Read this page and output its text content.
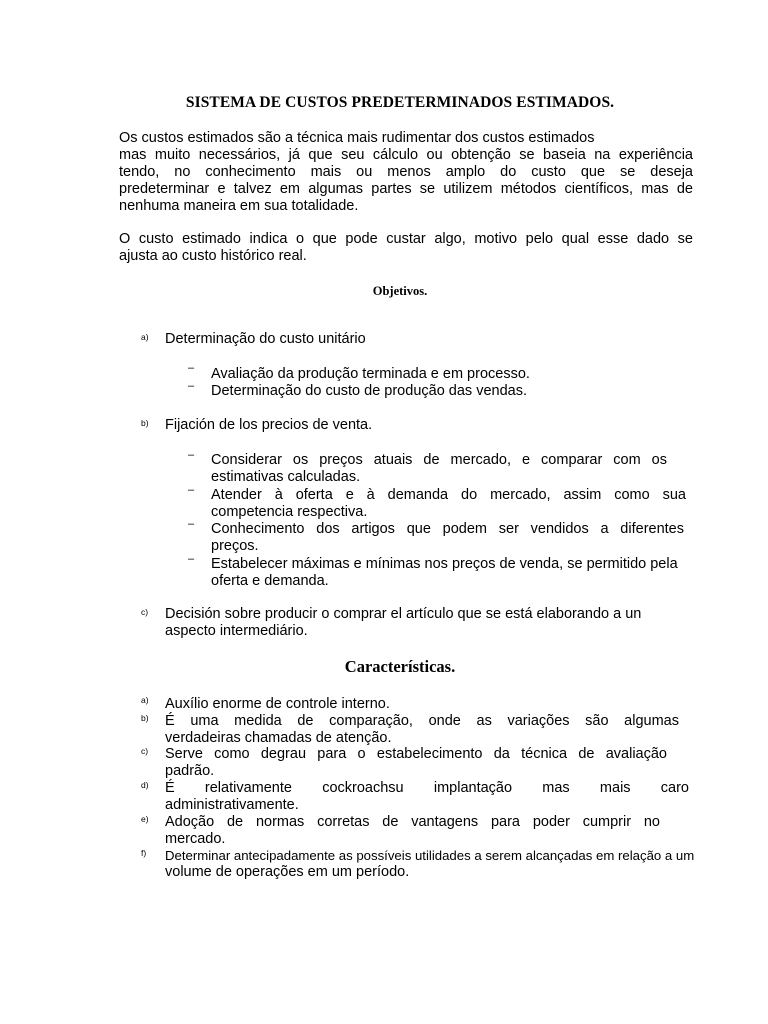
SISTEMA DE CUSTOS PREDETERMINADOS ESTIMADOS.
Os custos estimados são a técnica mais rudimentar dos custos estimados
mas muito necessários, já que seu cálculo ou obtenção se baseia na experiência
tendo, no conhecimento mais ou menos amplo do custo que se deseja
predeterminar e talvez em algumas partes se utilizem métodos científicos, mas de
nenhuma maneira em sua totalidade.
O custo estimado indica o que pode custar algo, motivo pelo qual esse dado se
ajusta ao custo histórico real.
Objetivos.
a) Determinação do custo unitário
– Avaliação da produção terminada e em processo.
– Determinação do custo de produção das vendas.
b) Fijación de los precios de venta.
– Considerar os preços atuais de mercado, e comparar com os
estimativas calculadas.
– Atender à oferta e à demanda do mercado, assim como sua
competencia respectiva.
– Conhecimento dos artigos que podem ser vendidos a diferentes
preços.
– Estabelecer máximas e mínimas nos preços de venda, se permitido pela
oferta e demanda.
c) Decisión sobre producir o comprar el artículo que se está elaborando a un
aspecto intermediário.
Características.
a) Auxílio enorme de controle interno.
b) É uma medida de comparação, onde as variações são algumas
verdadeiras chamadas de atenção.
c) Serve como degrau para o estabelecimento da técnica de avaliação
padrão.
d) É relativamente cockroachsu implantação mas mais caro
administrativamente.
e) Adoção de normas corretas de vantagens para poder cumprir no
mercado.
f) Determinar antecipadamente as possíveis utilidades a serem alcançadas em relação a um
volume de operações em um período.
